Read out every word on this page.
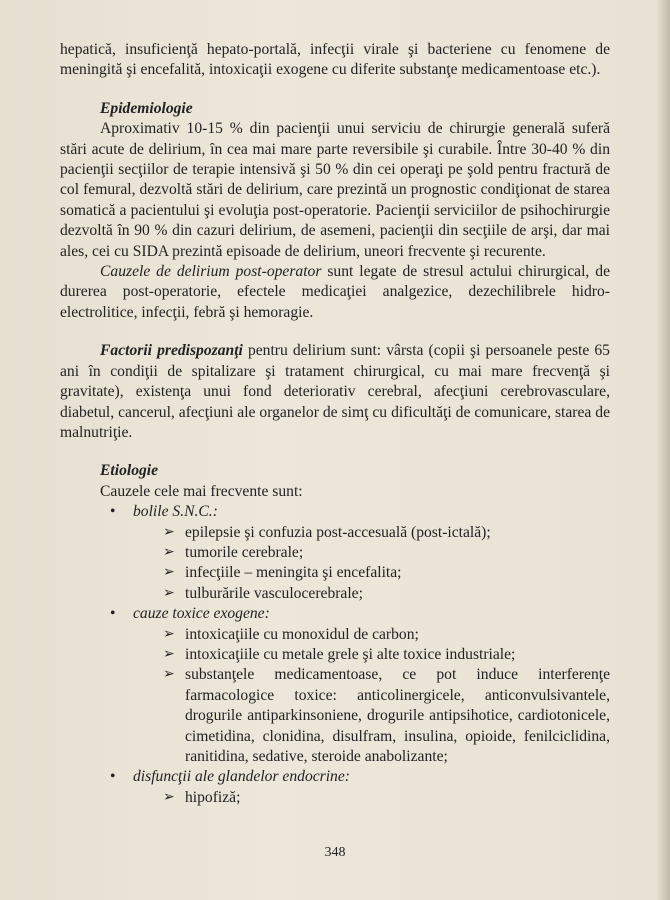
hepatică, insuficienţă hepato-portală, infecţii virale şi bacteriene cu fenomene de meningită şi encefalită, intoxicaţii exogene cu diferite substanţe medicamentoase etc.).

Epidemiologie

Aproximativ 10-15 % din pacienţii unui serviciu de chirurgie generală suferă stări acute de delirium, în cea mai mare parte reversibile şi curabile. Între 30-40 % din pacienţii secţiilor de terapie intensivă şi 50 % din cei operaţi pe şold pentru fractură de col femural, dezvoltă stări de delirium, care prezintă un prognostic condiţionat de starea somatică a pacientului şi evoluţia post-operatorie. Pacienţii serviciilor de psihochirurgie dezvoltă în 90 % din cazuri delirium, de asemeni, pacienţii din secţiile de arşi, dar mai ales, cei cu SIDA prezintă episoade de delirium, uneori frecvente şi recurente.

Cauzele de delirium post-operator sunt legate de stresul actului chirurgical, de durerea post-operatorie, efectele medicaţiei analgezice, dezechilibrele hidro-electrolitice, infecţii, febră şi hemoragie.

Factorii predispozanţi pentru delirium sunt: vârsta (copii şi persoanele peste 65 ani în condiţii de spitalizare şi tratament chirurgical, cu mai mare frecvenţă şi gravitate), existenţa unui fond deteriorativ cerebral, afecţiuni cerebrovasculare, diabetul, cancerul, afecţiuni ale organelor de simţ cu dificultăţi de comunicare, starea de malnutriţie.

Etiologie

Cauzele cele mai frecvente sunt:

• bolile S.N.C.:
➢ epilepsie şi confuzia post-accesuală (post-ictală);
➢ tumorile cerebrale;
➢ infecţiile – meningita şi encefalita;
➢ tulburările vasculocerebrale;
• cauze toxice exogene:
➢ intoxicaţiile cu monoxidul de carbon;
➢ intoxicaţiile cu metale grele şi alte toxice industriale;
➢ substanţele medicamentoase, ce pot induce interferenţe farmacologice toxice: anticolinergicele, anticonvulsivantele, drogurile antiparkinsoniene, drogurile antipsihotice, cardiotonicele, cimetidina, clonidina, disulfram, insulina, opioide, fenilciclidina, ranitidina, sedative, steroide anabolizante;
• disfuncţii ale glandelor endocrine:
➢ hipofiză;
348
